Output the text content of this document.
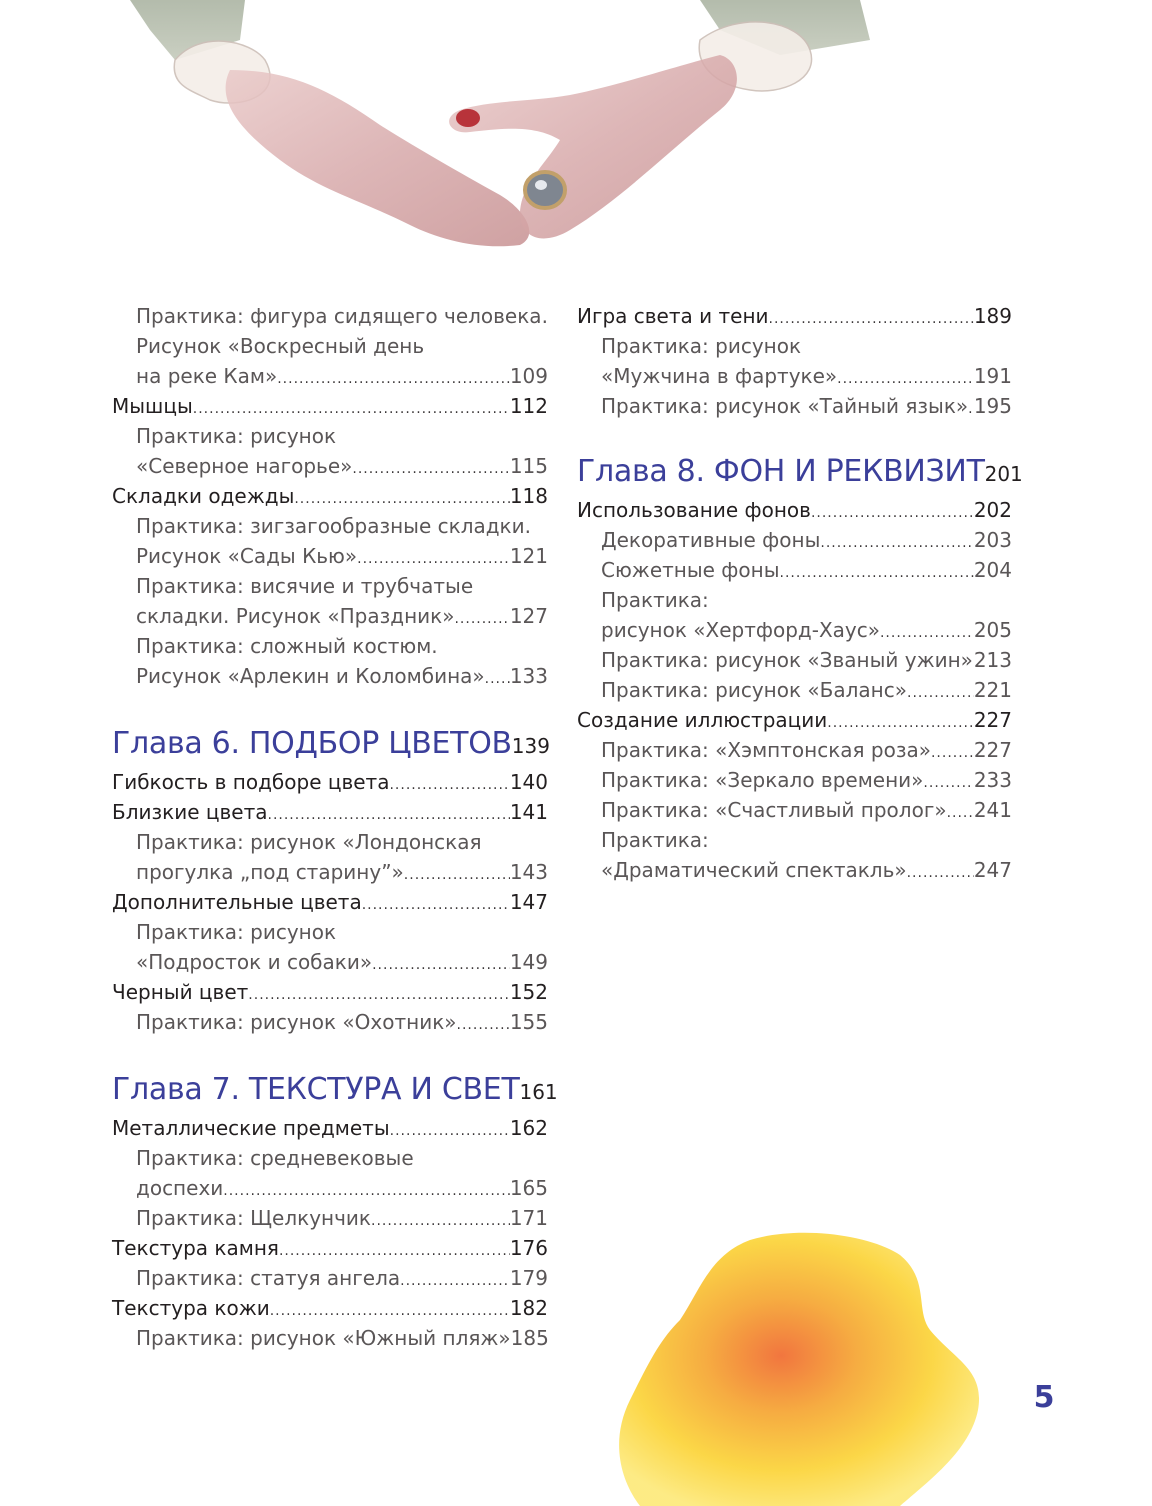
Практика: фигура сидящего человека.
Рисунок «Воскресный день
на реке Кам» .....	109
Мышцы .....	112
Практика: рисунок
«Северное нагорье» .....	115
Складки одежды .....	118
Практика: зигзагообразные складки.
Рисунок «Сады Кью» .....	121
Практика: висячие и трубчатые
складки. Рисунок «Праздник» .....	127
Практика: сложный костюм.
Рисунок «Арлекин и Коломбина» ..... 133
Глава 6. ПОДБОР ЦВЕТОВ 139
Гибкость в подборе цвета .....	140
Близкие цвета .....	141
Практика: рисунок «Лондонская
прогулка „под старину”» .....	143
Дополнительные цвета .....	147
Практика: рисунок
«Подросток и собаки» .....	149
Черный цвет .....	152
Практика: рисунок «Охотник» .....	155
Глава 7. ТЕКСТУРА И СВЕТ 161
Металлические предметы .....	162
Практика: средневековые
доспехи .....	165
Практика: Щелкунчик .....	171
Текстура камня .....	176
Практика: статуя ангела .....	179
Текстура кожи .....	182
Практика: рисунок «Южный пляж» 185
Игра света и тени .....	189
Практика: рисунок
«Мужчина в фартуке» .....	191
Практика: рисунок «Тайный язык» ..... 195
Глава 8. ФОН И РЕКВИЗИТ 201
Использование фонов .....	202
Декоративные фоны .....	203
Сюжетные фоны .....	204
Практика:
рисунок «Хертфорд-Хаус» .....	205
Практика: рисунок «Званый ужин» ..... 213
Практика: рисунок «Баланс» .....	221
Создание иллюстрации .....	227
Практика: «Хэмптонская роза» ..... 227
Практика: «Зеркало времени» .....	233
Практика: «Счастливый пролог» ..... 241
Практика:
«Драматический спектакль» .....	247
5
